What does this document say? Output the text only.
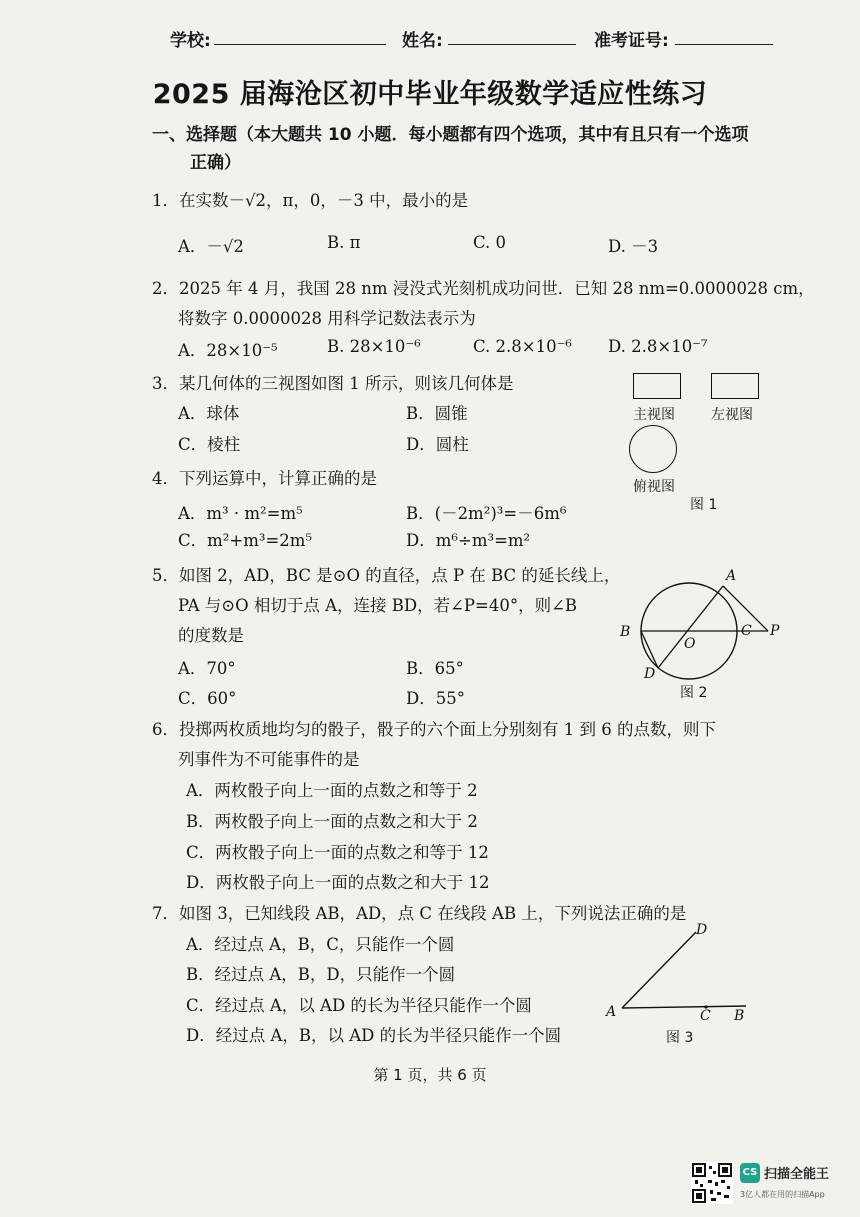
学校:	姓名:	准考证号:
2025 届海沧区初中毕业年级数学适应性练习
一、选择题（本大题共 10 小题．每小题都有四个选项，其中有且只有一个选项
正确）
1．在实数－√2，π，0，－3 中，最小的是
A．－√2	B. π	C. 0	D. －3
2．2025 年 4 月，我国 28 nm 浸没式光刻机成功问世．已知 28 nm=0.0000028 cm，
将数字 0.0000028 用科学记数法表示为
A．28×10⁻⁵	B. 28×10⁻⁶	C. 2.8×10⁻⁶ D. 2.8×10⁻⁷
3．某几何体的三视图如图 1 所示，则该几何体是
A．球体	B．圆锥
C．棱柱	D．圆柱
主视图	左视图
俯视图
图 1
4．下列运算中，计算正确的是
A．m³ · m²=m⁵	B．(－2m²)³=－6m⁶
C．m²+m³=2m⁵	D．m⁶÷m³=m²
5．如图 2，AD，BC 是⊙O 的直径，点 P 在 BC 的延长线上，
PA 与⊙O 相切于点 A，连接 BD，若∠P=40°，则∠B
的度数是
A．70°	B．65°
C．60°	D．55°
A
B
O
C P
D
图 2
6．投掷两枚质地均匀的骰子，骰子的六个面上分别刻有 1 到 6 的点数，则下
列事件为不可能事件的是
A．两枚骰子向上一面的点数之和等于 2
B．两枚骰子向上一面的点数之和大于 2
C．两枚骰子向上一面的点数之和等于 12
D．两枚骰子向上一面的点数之和大于 12
7．如图 3，已知线段 AB，AD，点 C 在线段 AB 上，下列说法正确的是
A．经过点 A，B，C，只能作一个圆
B．经过点 A，B，D，只能作一个圆
C．经过点 A，以 AD 的长为半径只能作一个圆
D．经过点 A，B，以 AD 的长为半径只能作一个圆
D
A	C B
图 3
第 1 页，共 6 页
CS 扫描全能王
3亿人都在用的扫描App
